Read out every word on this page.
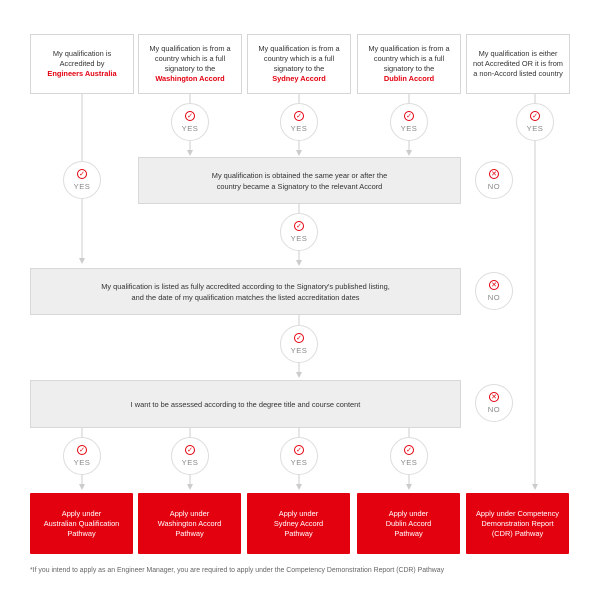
My qualification is Accredited by
Engineers Australia
My qualification is from a country which is a full signatory to the
Washington Accord
My qualification is from a country which is a full signatory to the
Sydney Accord
My qualification is from a country which is a full signatory to the
Dublin Accord
My qualification is either not Accredited OR it is from a non-Accord listed country
My qualification is obtained the same year or after the
country became a Signatory to the relevant Accord
My qualification is listed as fully accredited according to the Signatory's published listing,
and the date of my qualification matches the listed accreditation dates
I want to be assessed according to the degree title and course content
✓
YES
✓
YES
✓
YES
✓
YES
✓
YES
✓
YES
✓
YES
✓
YES
✓
YES
✓
YES
✓
YES
✕
NO
✕
NO
✕
NO
Apply under
Australian Qualification
Pathway
Apply under
Washington Accord
Pathway
Apply under
Sydney Accord
Pathway
Apply under
Dublin Accord
Pathway
Apply under Competency
Demonstration Report
(CDR) Pathway
*If you intend to apply as an Engineer Manager, you are required to apply under the Competency Demonstration Report (CDR) Pathway
